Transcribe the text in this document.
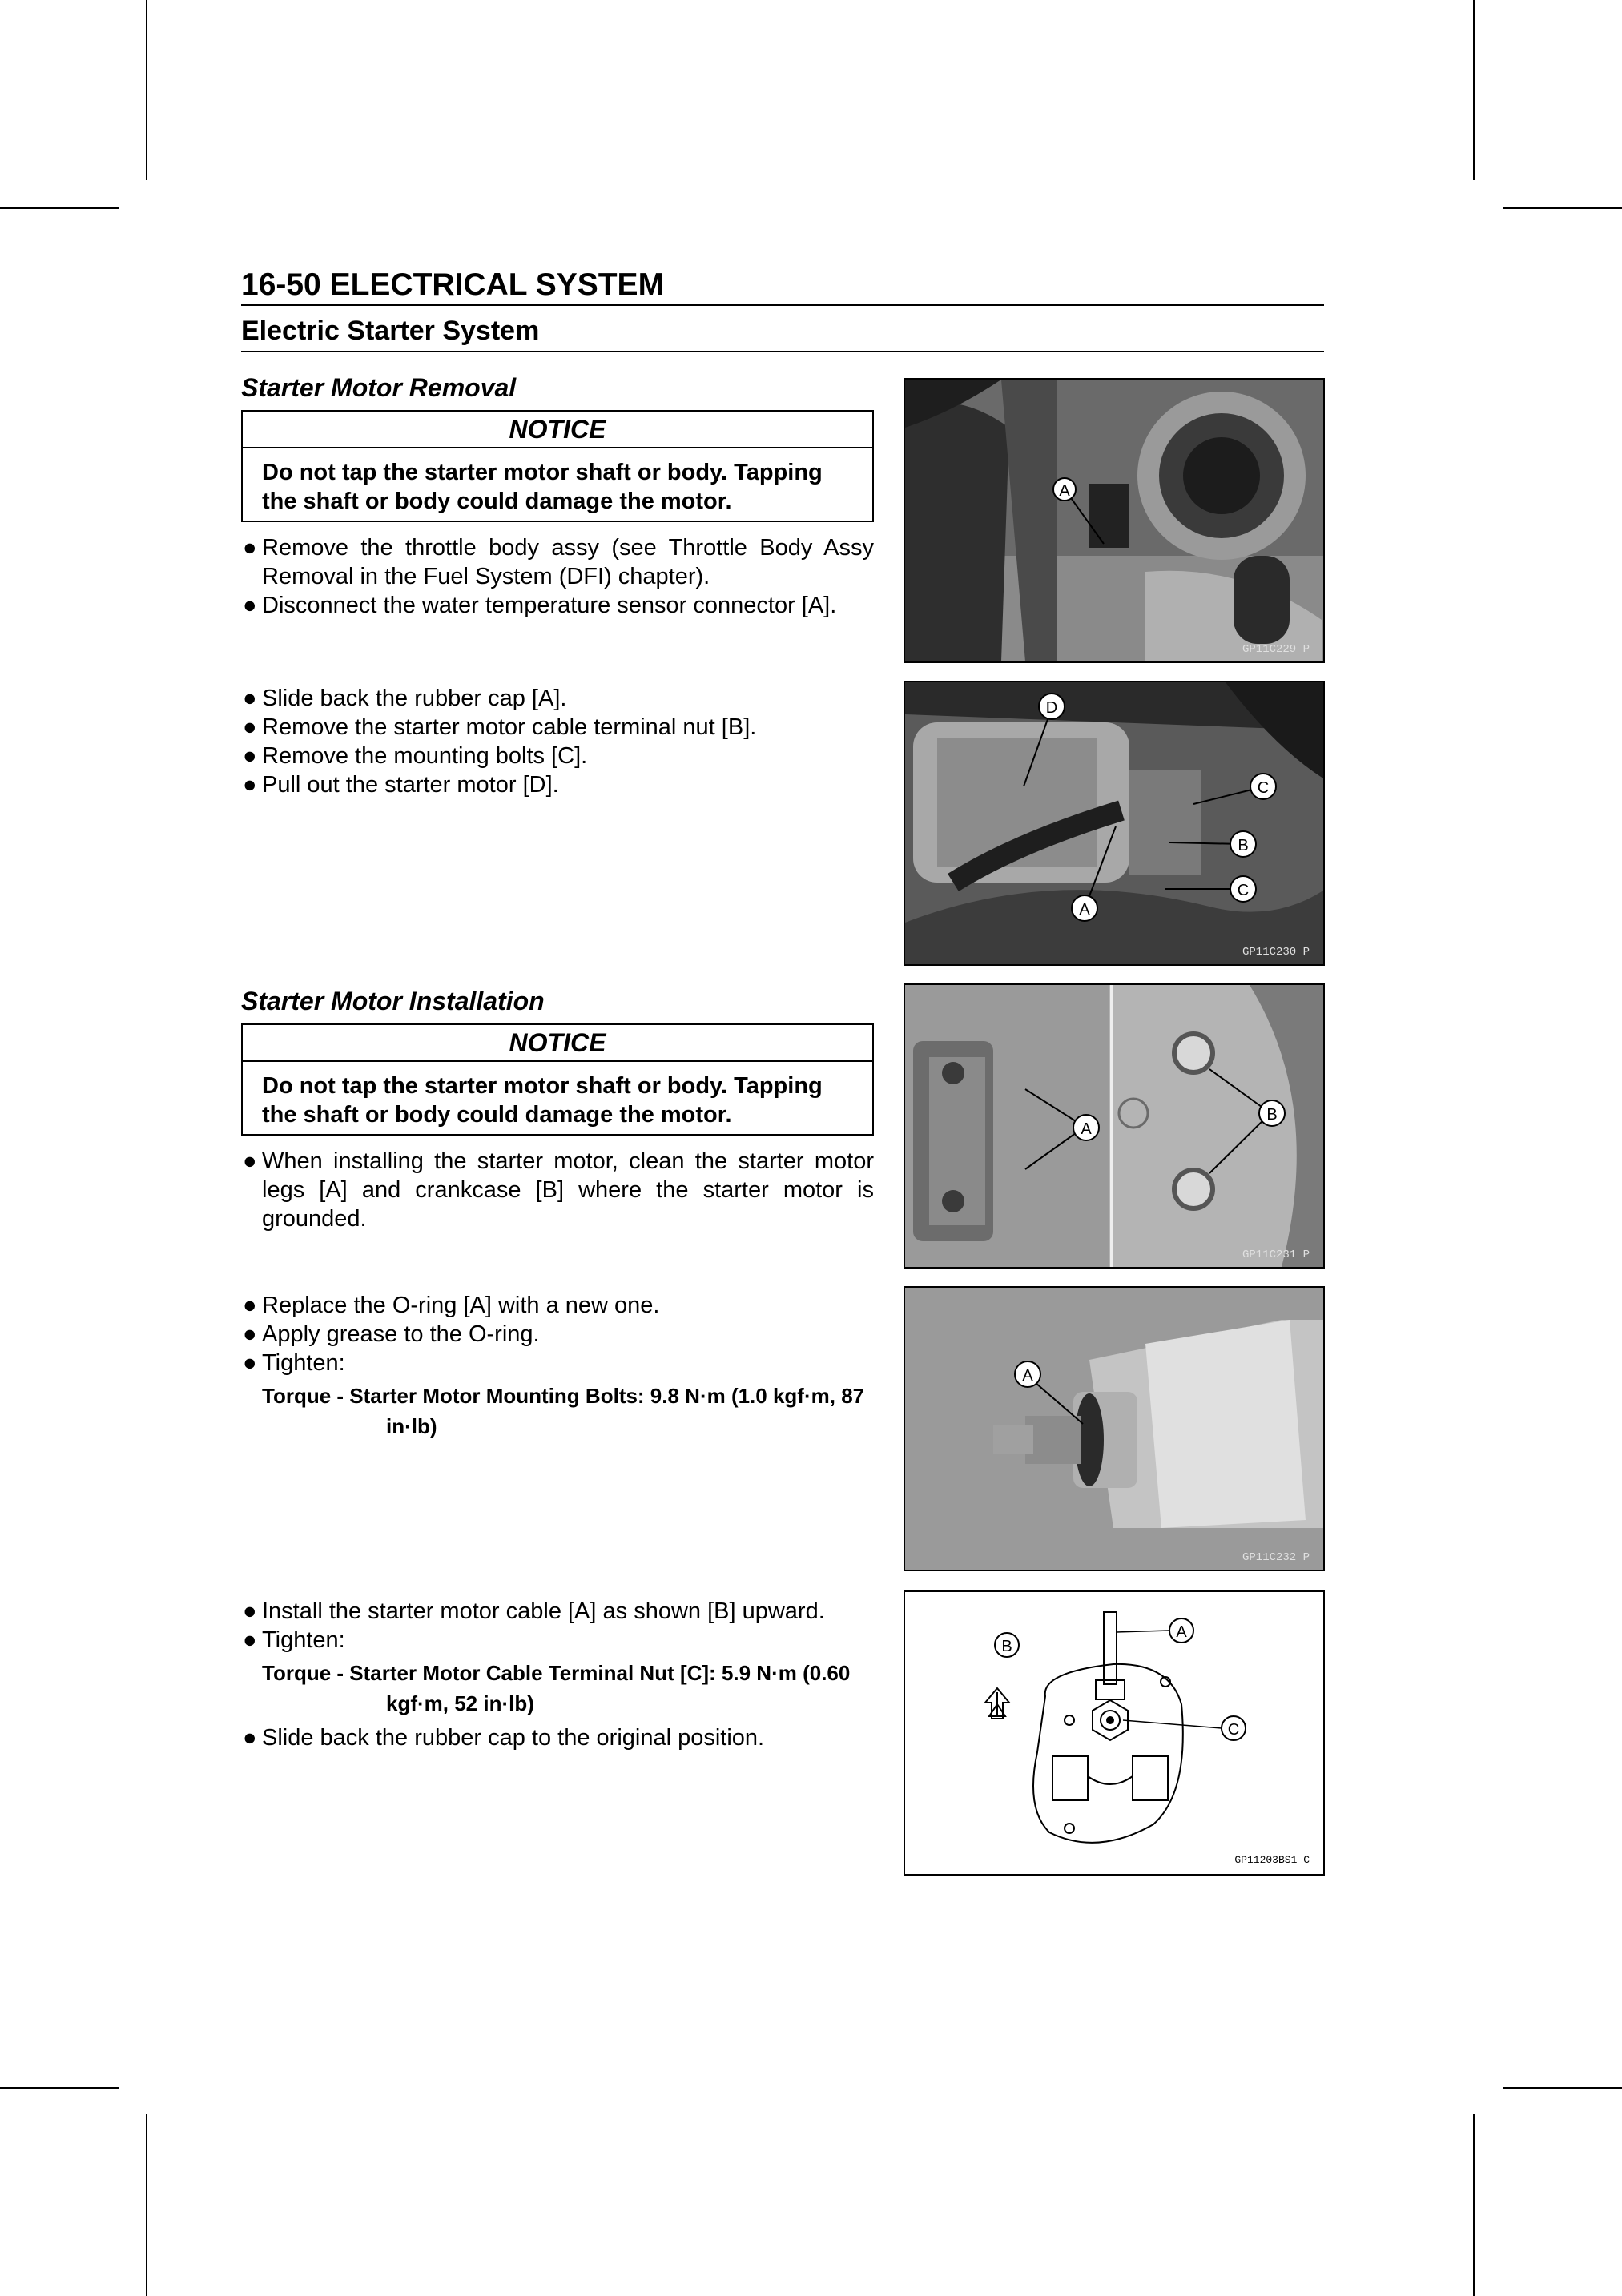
16-50 ELECTRICAL SYSTEM
Electric Starter System
Starter Motor Removal
NOTICE
Do not tap the starter motor shaft or body. Tapping the shaft or body could damage the motor.
● Remove the throttle body assy (see Throttle Body Assy Removal in the Fuel System (DFI) chapter).
● Disconnect the water temperature sensor connector [A].
● Slide back the rubber cap [A].
● Remove the starter motor cable terminal nut [B].
● Remove the mounting bolts [C].
● Pull out the starter motor [D].
Starter Motor Installation
NOTICE
Do not tap the starter motor shaft or body. Tapping the shaft or body could damage the motor.
● When installing the starter motor, clean the starter motor legs [A] and crankcase [B] where the starter motor is grounded.
● Replace the O-ring [A] with a new one.
● Apply grease to the O-ring.
● Tighten:
Torque - Starter Motor Mounting Bolts: 9.8 N·m (1.0 kgf·m, 87 in·lb)
● Install the starter motor cable [A] as shown [B] upward.
● Tighten:
Torque - Starter Motor Cable Terminal Nut [C]: 5.9 N·m (0.60 kgf·m, 52 in·lb)
● Slide back the rubber cap to the original position.
A
GP11C229 P
D
C
B
C
A
GP11C230 P
A
B
GP11C231 P
A
GP11C232 P
B
A
C
GP11203BS1 C
